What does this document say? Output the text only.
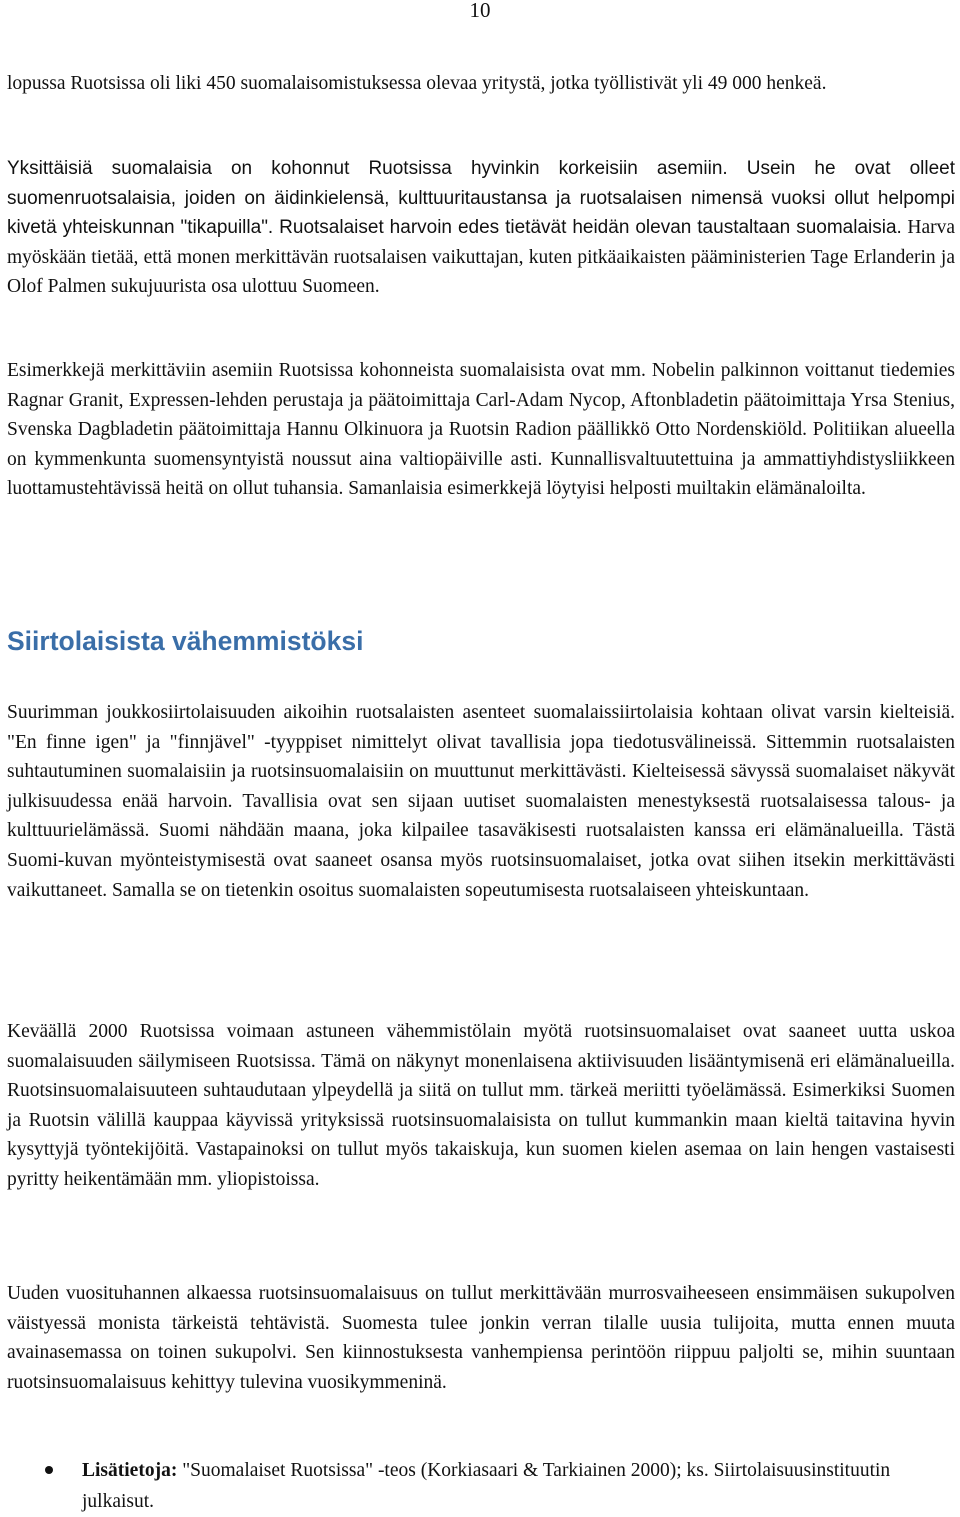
10

lopussa Ruotsissa oli liki 450 suomalaisomistuksessa olevaa yritystä, jotka työllistivät yli 49 000 henkeä.

Yksittäisiä suomalaisia on kohonnut Ruotsissa hyvinkin korkeisiin asemiin. Usein he ovat olleet suomenruotsalaisia, joiden on äidinkielensä, kulttuuritaustansa ja ruotsalaisen nimensä vuoksi ollut helpompi kivetä yhteiskunnan "tikapuilla". Ruotsalaiset harvoin edes tietävät heidän olevan taustaltaan suomalaisia. Harva myöskään tietää, että monen merkittävän ruotsalaisen vaikuttajan, kuten pitkäaikaisten pääministerien Tage Erlanderin ja Olof Palmen sukujuurista osa ulottuu Suomeen.

Esimerkkejä merkittäviin asemiin Ruotsissa kohonneista suomalaisista ovat mm. Nobelin palkinnon voittanut tiedemies Ragnar Granit, Expressen-lehden perustaja ja päätoimittaja Carl-Adam Nycop, Aftonbladetin päätoimittaja Yrsa Stenius, Svenska Dagbladetin päätoimittaja Hannu Olkinuora ja Ruotsin Radion päällikkö Otto Nordenskiöld. Politiikan alueella on kymmenkunta suomensyntyistä noussut aina valtiopäiville asti. Kunnallisvaltuutettuina ja ammattiyhdistysliikkeen luottamustehtävissä heitä on ollut tuhansia. Samanlaisia esimerkkejä löytyisi helposti muiltakin elämänaloilta.

Siirtolaisista vähemmistöksi

Suurimman joukkosiirtolaisuuden aikoihin ruotsalaisten asenteet suomalaissiirtolaisia kohtaan olivat varsin kielteisiä. "En finne igen" ja "finnjävel" -tyyppiset nimittelyt olivat tavallisia jopa tiedotusvälineissä. Sittemmin ruotsalaisten suhtautuminen suomalaisiin ja ruotsinsuomalaisiin on muuttunut merkittävästi. Kielteisessä sävyssä suomalaiset näkyvät julkisuudessa enää harvoin. Tavallisia ovat sen sijaan uutiset suomalaisten menestyksestä ruotsalaisessa talous- ja kulttuurielämässä. Suomi nähdään maana, joka kilpailee tasaväkisesti ruotsalaisten kanssa eri elämänalueilla. Tästä Suomi-kuvan myönteistymisestä ovat saaneet osansa myös ruotsinsuomalaiset, jotka ovat siihen itsekin merkittävästi vaikuttaneet. Samalla se on tietenkin osoitus suomalaisten sopeutumisesta ruotsalaiseen yhteiskuntaan.

Keväällä 2000 Ruotsissa voimaan astuneen vähemmistölain myötä ruotsinsuomalaiset ovat saaneet uutta uskoa suomalaisuuden säilymiseen Ruotsissa. Tämä on näkynyt monenlaisena aktiivisuuden lisääntymisenä eri elämänalueilla. Ruotsinsuomalaisuuteen suhtaudutaan ylpeydellä ja siitä on tullut mm. tärkeä meriitti työelämässä. Esimerkiksi Suomen ja Ruotsin välillä kauppaa käyvissä yrityksissä ruotsinsuomalaisista on tullut kummankin maan kieltä taitavina hyvin kysyttyjä työntekijöitä. Vastapainoksi on tullut myös takaiskuja, kun suomen kielen asemaa on lain hengen vastaisesti pyritty heikentämään mm. yliopistoissa.

Uuden vuosituhannen alkaessa ruotsinsuomalaisuus on tullut merkittävään murrosvaiheeseen ensimmäisen sukupolven väistyessä monista tärkeistä tehtävistä. Suomesta tulee jonkin verran tilalle uusia tulijoita, mutta ennen muuta avainasemassa on toinen sukupolvi. Sen kiinnostuksesta vanhempiensa perintöön riippuu paljolti se, mihin suuntaan ruotsinsuomalaisuus kehittyy tulevina vuosikymmeninä.

Lisätietoja: "Suomalaiset Ruotsissa" -teos (Korkiasaari & Tarkiainen 2000); ks. Siirtolaisuusinstituutin julkaisut.
